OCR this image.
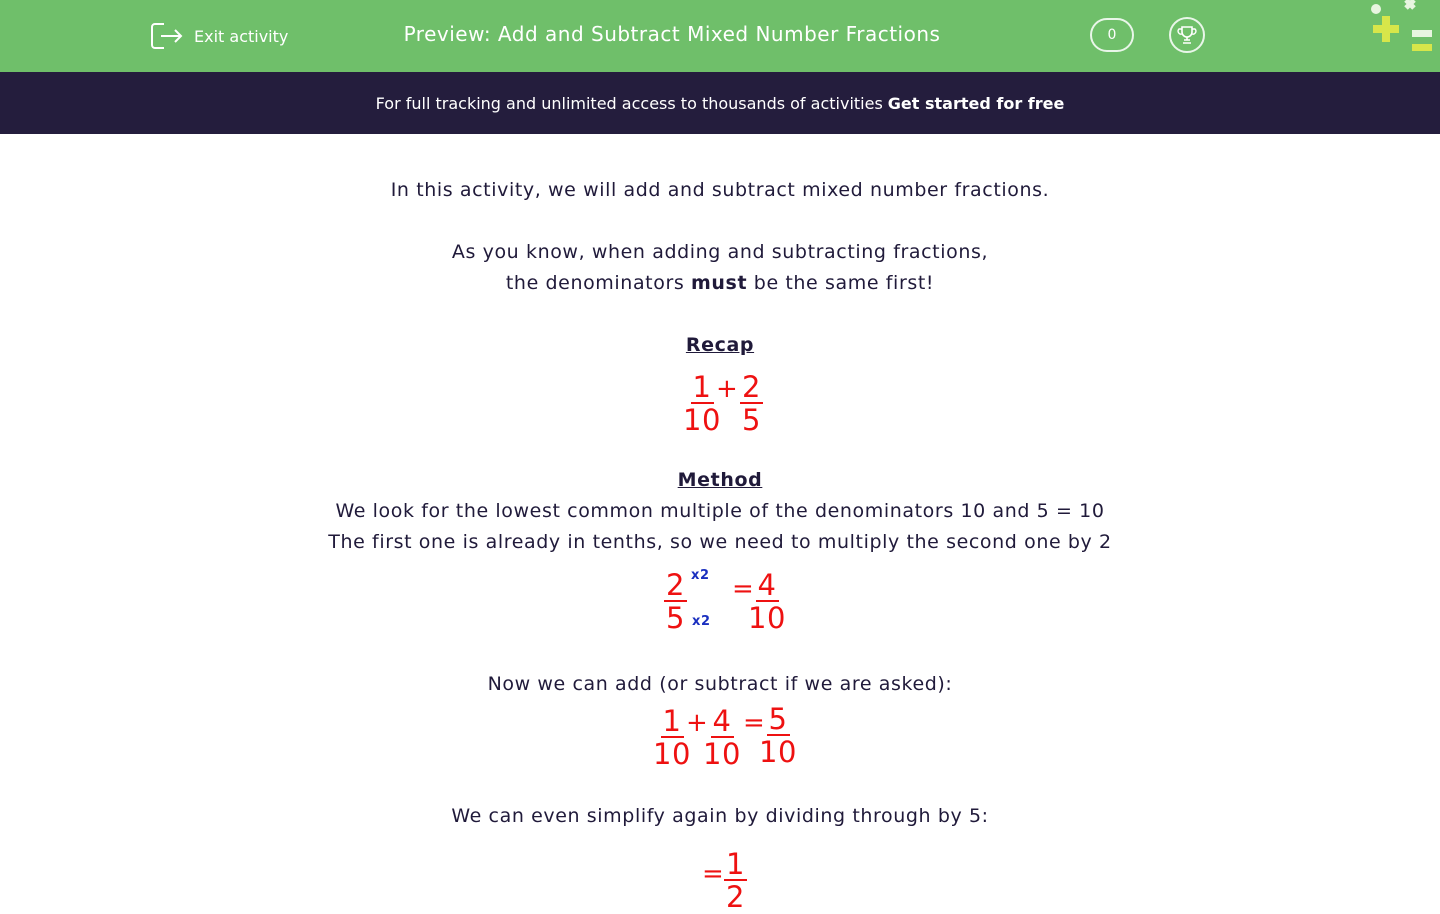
Exit activity	Preview: Add and Subtract Mixed Number Fractions	0
For full tracking and unlimited access to thousands of activities Get started for free
In this activity, we will add and subtract mixed number fractions.
As you know, when adding and subtracting fractions,
the denominators must be the same first!
Recap
$\frac{1}{10}$
+ $\frac{2}{5}$
Method
We look for the lowest common multiple of the denominators 10 and 5 = 10
The first one is already in tenths, so we need to multiply the second one by 2
$\frac{2}{5} x2$
x2
=
$\frac{4}{10}$
Now we can add (or subtract if we are asked):
$\frac{1}{10}$
+
$\frac{4}{10}$ =
$\frac{5}{10}$
We can even simplify again by dividing through by 5:
= $\frac{1}{2}$
